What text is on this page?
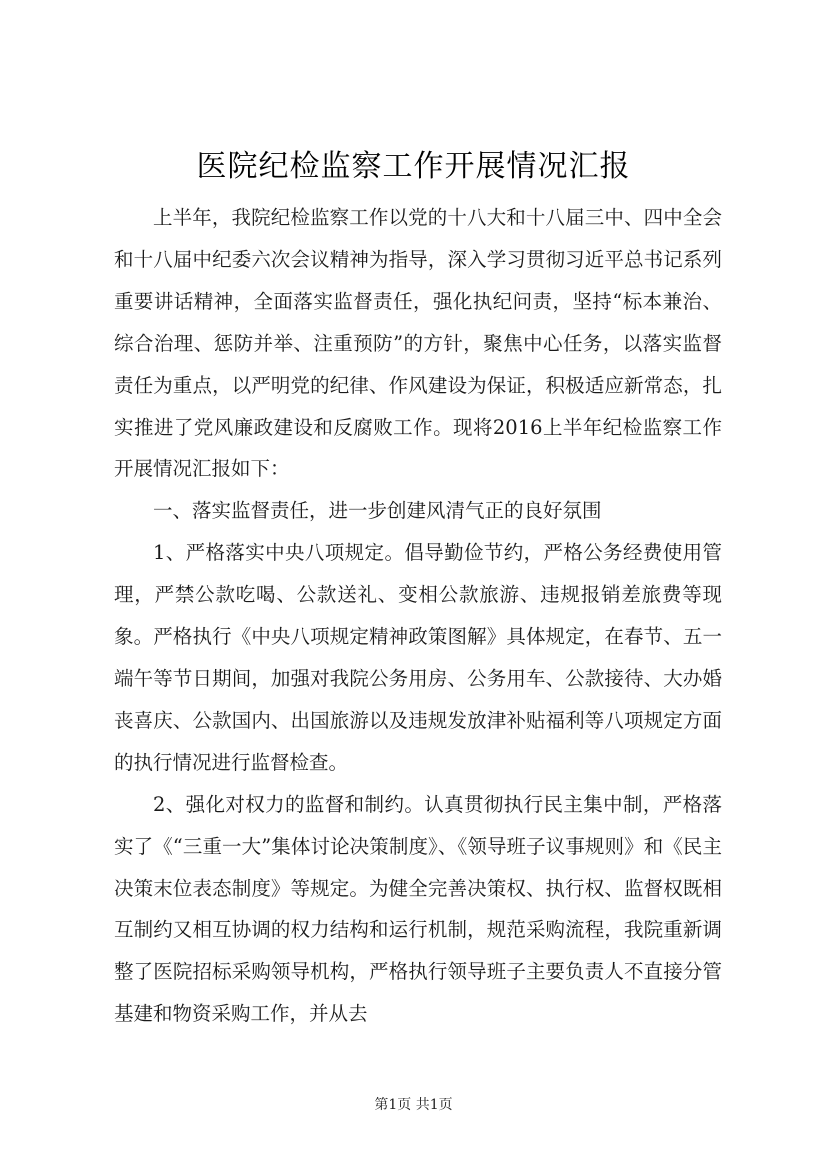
医院纪检监察工作开展情况汇报

上半年，我院纪检监察工作以党的十八大和十八届三中、四中全会和十八届中纪委六次会议精神为指导，深入学习贯彻习近平总书记系列重要讲话精神，全面落实监督责任，强化执纪问责，坚持“标本兼治、综合治理、惩防并举、注重预防”的方针，聚焦中心任务，以落实监督责任为重点，以严明党的纪律、作风建设为保证，积极适应新常态，扎实推进了党风廉政建设和反腐败工作。现将2016上半年纪检监察工作开展情况汇报如下：

一、落实监督责任，进一步创建风清气正的良好氛围

1、严格落实中央八项规定。倡导勤俭节约，严格公务经费使用管理，严禁公款吃喝、公款送礼、变相公款旅游、违规报销差旅费等现象。严格执行《中央八项规定精神政策图解》具体规定，在春节、五一端午等节日期间，加强对我院公务用房、公务用车、公款接待、大办婚丧喜庆、公款国内、出国旅游以及违规发放津补贴福利等八项规定方面的执行情况进行监督检查。

2、强化对权力的监督和制约。认真贯彻执行民主集中制，严格落实了《“三重一大”集体讨论决策制度》、《领导班子议事规则》和《民主决策末位表态制度》等规定。为健全完善决策权、执行权、监督权既相互制约又相互协调的权力结构和运行机制，规范采购流程，我院重新调整了医院招标采购领导机构，严格执行领导班子主要负责人不直接分管基建和物资采购工作，并从去

第1页 共1页
